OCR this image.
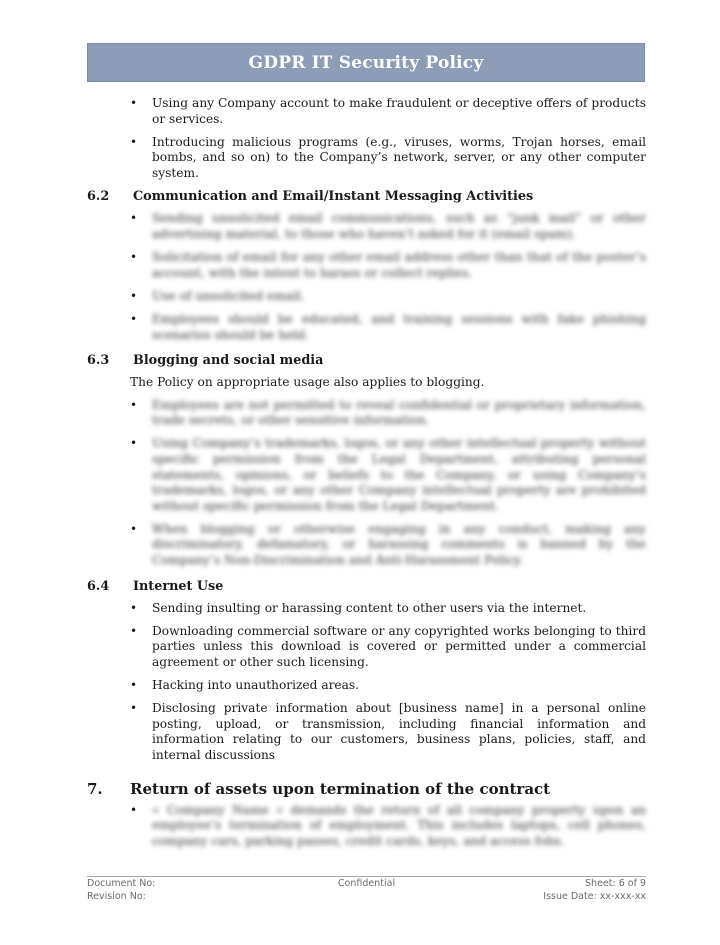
GDPR IT Security Policy
• Using any Company account to make fraudulent or deceptive offers of products or services.
• Introducing malicious programs (e.g., viruses, worms, Trojan horses, email bombs, and so on) to the Company’s network, server, or any other computer system.
6.2	Communication and Email/Instant Messaging Activities
• Sending unsolicited email communications, such as “junk mail” or other advertising material, to those who haven’t asked for it (email spam).
• Solicitation of email for any other email address other than that of the poster’s account, with the intent to harass or collect replies.
• Use of unsolicited email.
• Employees should be educated, and training sessions with fake phishing scenarios should be held.
6.3	Blogging and social media
The Policy on appropriate usage also applies to blogging.
• Employees are not permitted to reveal confidential or proprietary information, trade secrets, or other sensitive information.
• Using Company’s trademarks, logos, or any other intellectual property without specific permission from the Legal Department, attributing personal statements, opinions, or beliefs to the Company, or using Company’s trademarks, logos, or any other Company intellectual property are prohibited without specific permission from the Legal Department.
• When blogging or otherwise engaging in any conduct, making any discriminatory, defamatory, or harassing comments is banned by the Company’s Non-Discrimination and Anti-Harassment Policy.
6.4	Internet Use
• Sending insulting or harassing content to other users via the internet.
• Downloading commercial software or any copyrighted works belonging to third parties unless this download is covered or permitted under a commercial agreement or other such licensing.
• Hacking into unauthorized areas.
• Disclosing private information about [business name] in a personal online posting, upload, or transmission, including financial information and information relating to our customers, business plans, policies, staff, and internal discussions
7.	Return of assets upon termination of the contract
• « Company Name » demands the return of all company property upon an employee’s termination of employment. This includes laptops, cell phones, company cars, parking passes, credit cards, keys, and access fobs.
Document No:	Confidential	Sheet: 6 of 9
Revision No:	Issue Date: xx-xxx-xx
